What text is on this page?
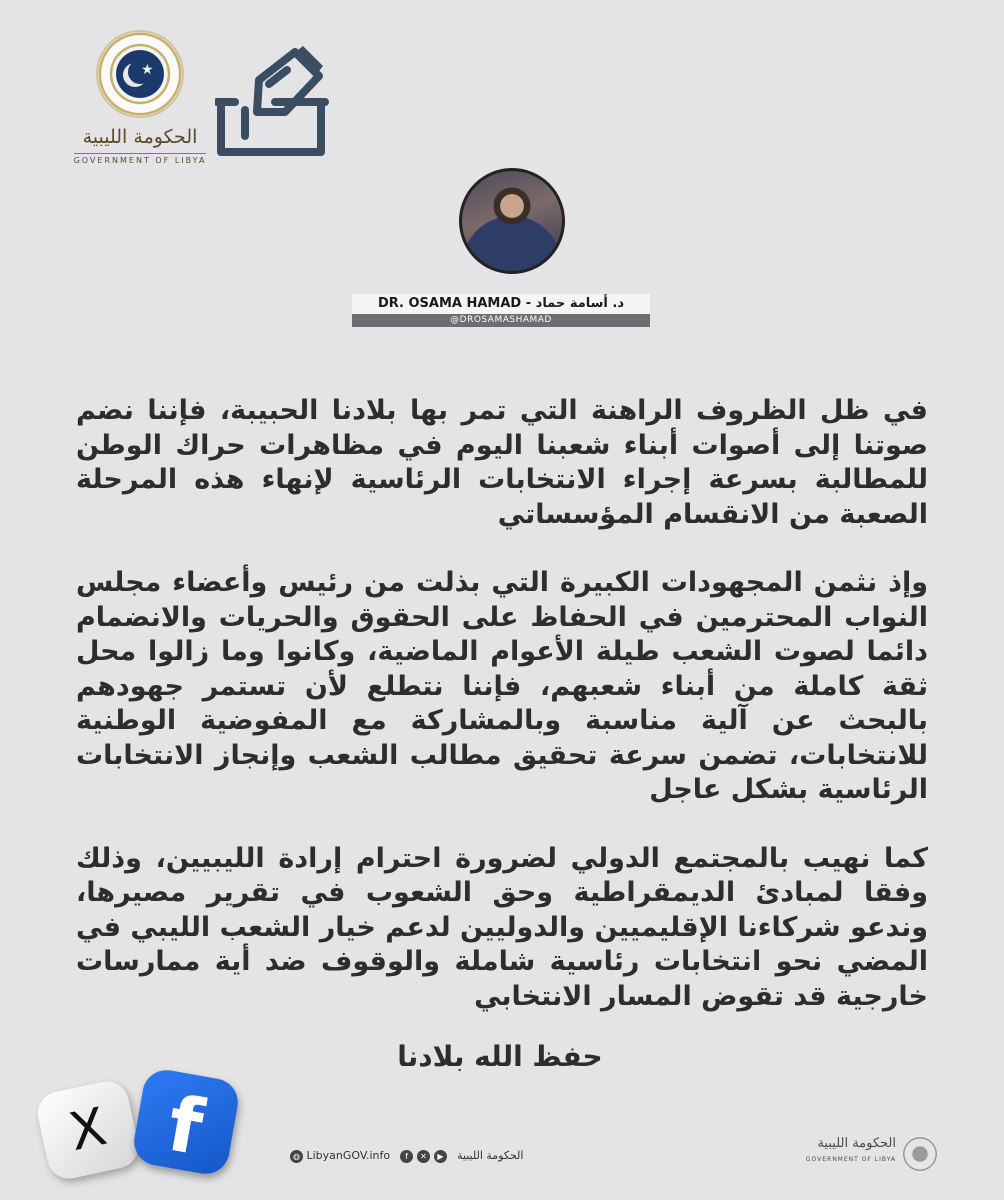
★
الحكومة الليبية
GOVERNMENT OF LIBYA
DR. OSAMA HAMAD - د. أسامة حماد
@DROSAMASHAMAD

في ظل الظروف الراهنة التي تمر بها بلادنا الحبيبة، فإننا نضم صوتنا إلى أصوات أبناء شعبنا اليوم في مظاهرات حراك الوطن للمطالبة بسرعة إجراء الانتخابات الرئاسية لإنهاء هذه المرحلة الصعبة من الانقسام المؤسساتي

وإذ نثمن المجهودات الكبيرة التي بذلت من رئيس وأعضاء مجلس النواب المحترمين في الحفاظ على الحقوق والحريات والانضمام دائما لصوت الشعب طيلة الأعوام الماضية، وكانوا وما زالوا محل ثقة كاملة من أبناء شعبهم، فإننا نتطلع لأن تستمر جهودهم بالبحث عن آلية مناسبة وبالمشاركة مع المفوضية الوطنية للانتخابات، تضمن سرعة تحقيق مطالب الشعب وإنجاز الانتخابات الرئاسية بشكل عاجل

كما نهيب بالمجتمع الدولي لضرورة احترام إرادة الليبيين، وذلك وفقا لمبادئ الديمقراطية وحق الشعوب في تقرير مصيرها، وندعو شركاءنا الإقليميين والدوليين لدعم خيار الشعب الليبي في المضي نحو انتخابات رئاسية شاملة والوقوف ضد أية ممارسات خارجية قد تقوض المسار الانتخابي

حفظ الله بلادنا
X f	◍ LibyanGOV.info	f	✕	▶	الحكومة الليبية
الحكومة الليبية
GOVERNMENT OF LIBYA
